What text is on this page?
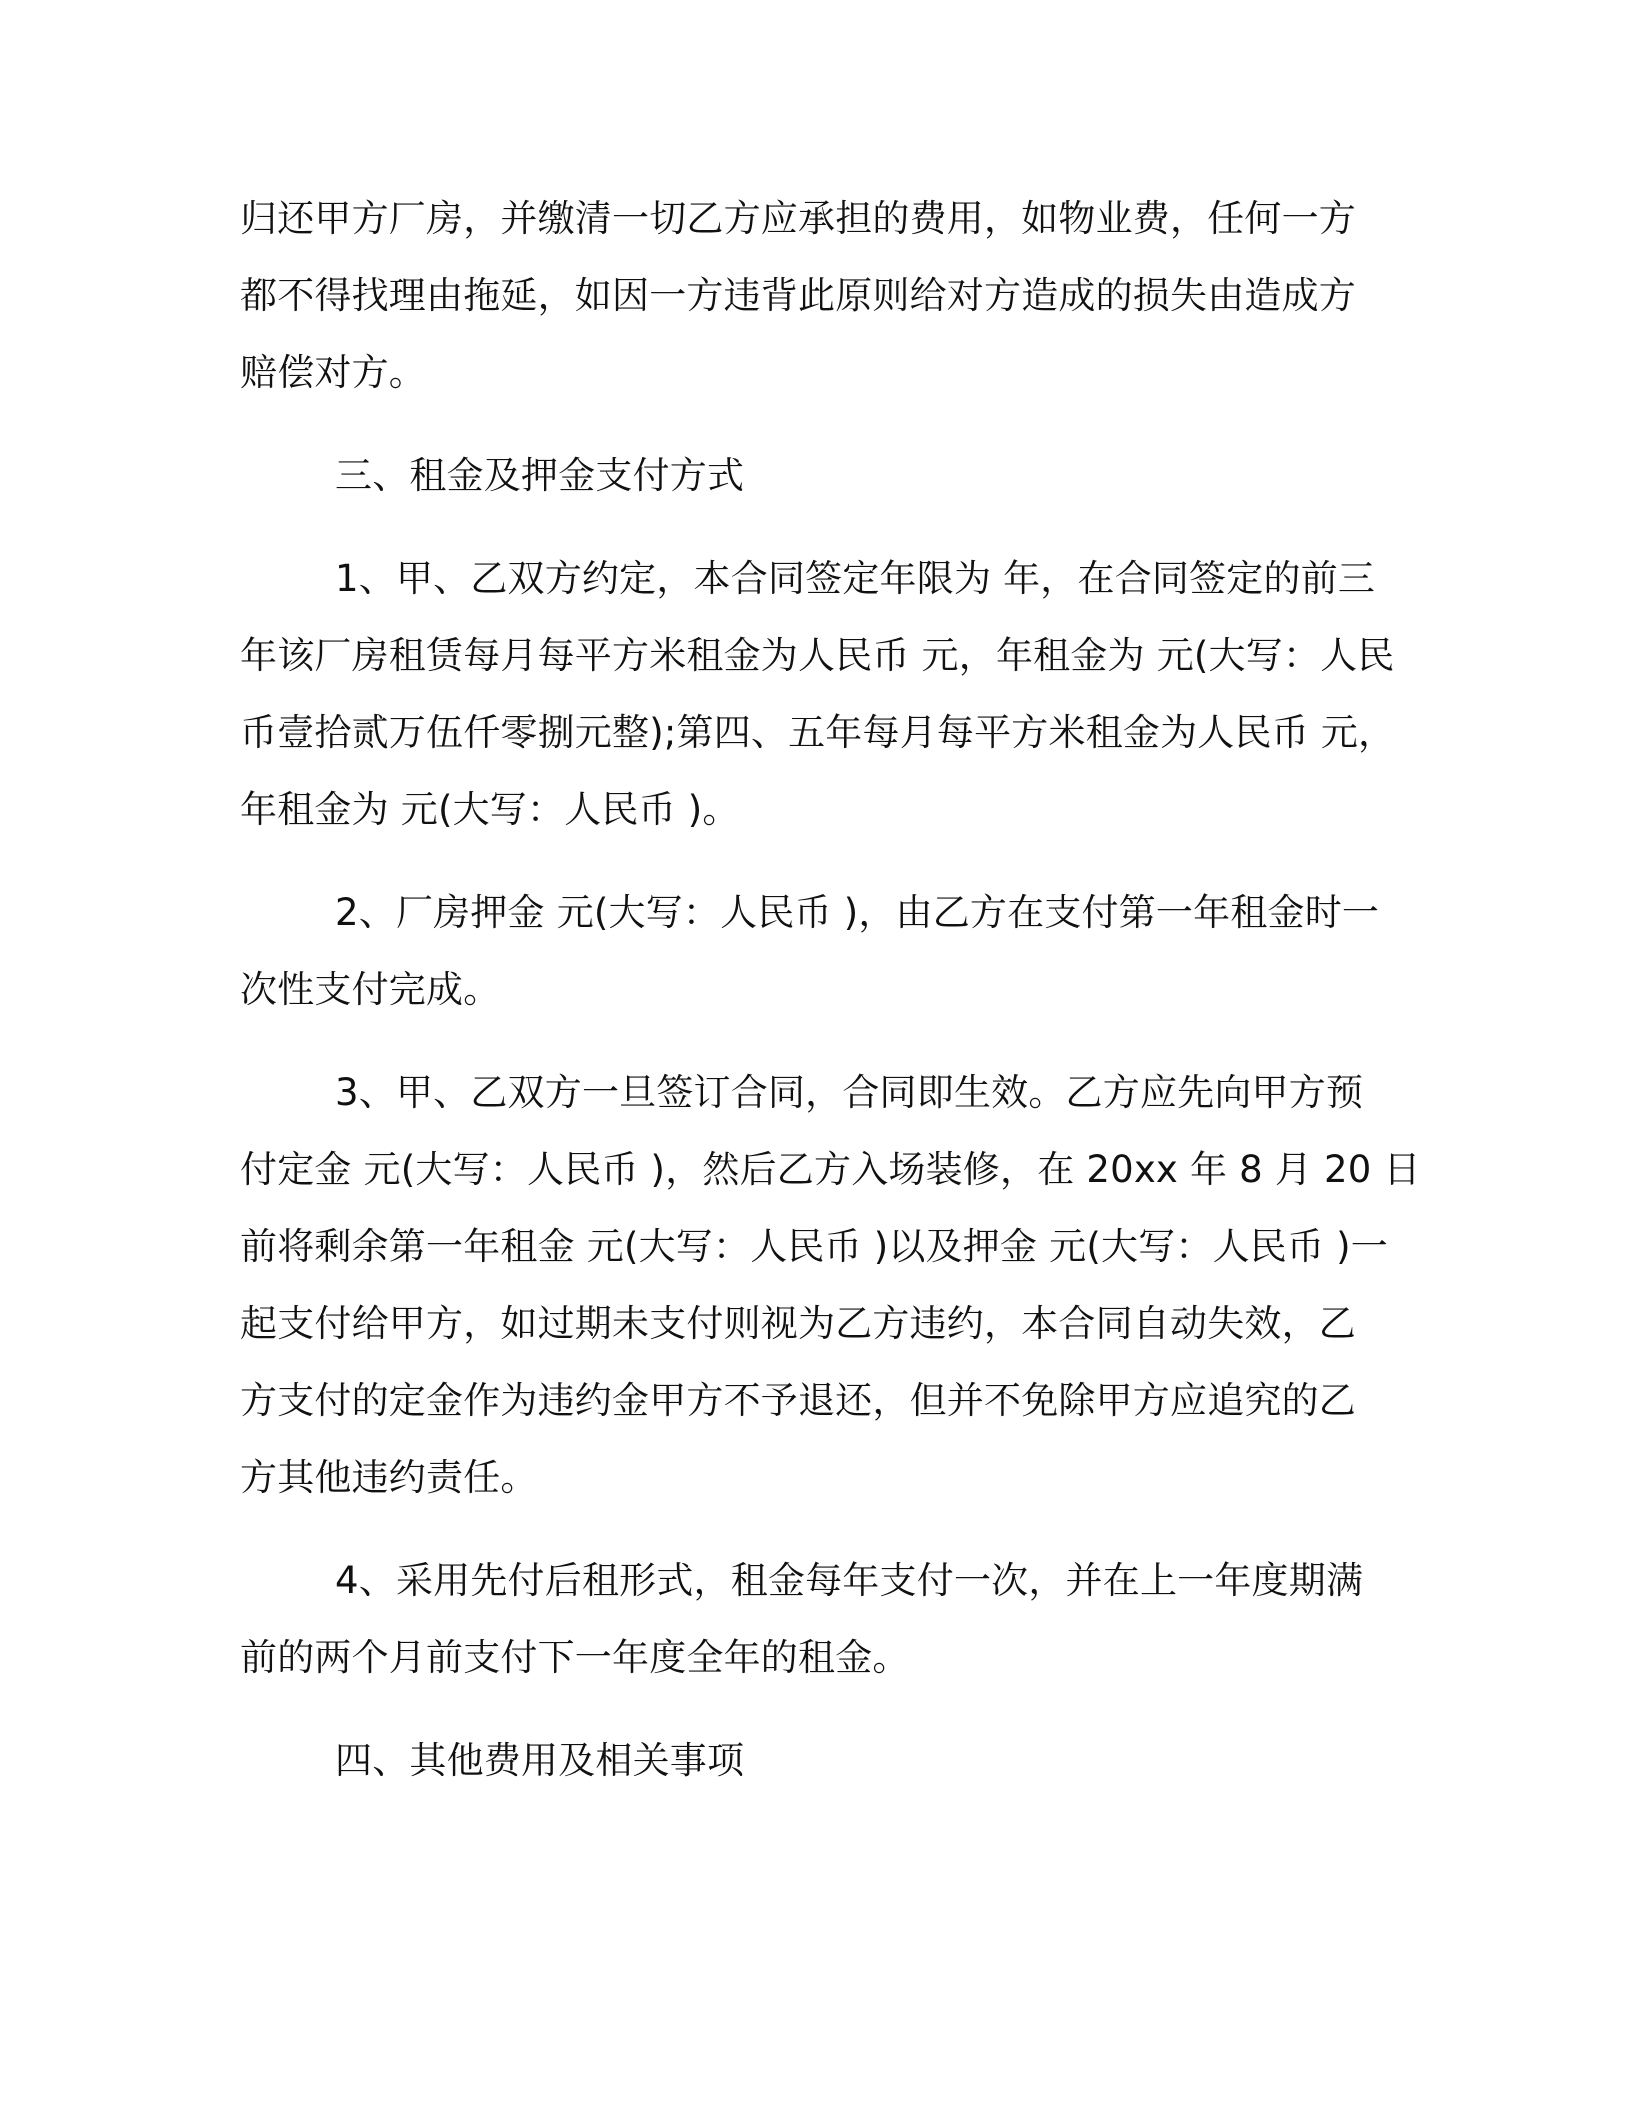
归还甲方厂房，并缴清一切乙方应承担的费用，如物业费，任何一方
都不得找理由拖延，如因一方违背此原则给对方造成的损失由造成方
赔偿对方。
三、租金及押金支付方式
1、甲、乙双方约定，本合同签定年限为 年，在合同签定的前三
年该厂房租赁每月每平方米租金为人民币 元，年租金为 元(大写：人民
币壹拾贰万伍仟零捌元整);第四、五年每月每平方米租金为人民币 元，
年租金为 元(大写：人民币 )。
2、厂房押金 元(大写：人民币 )，由乙方在支付第一年租金时一
次性支付完成。
3、甲、乙双方一旦签订合同，合同即生效。乙方应先向甲方预
付定金 元(大写：人民币 )，然后乙方入场装修，在 20xx 年 8 月 20 日
前将剩余第一年租金 元(大写：人民币 )以及押金 元(大写：人民币 )一
起支付给甲方，如过期未支付则视为乙方违约，本合同自动失效，乙
方支付的定金作为违约金甲方不予退还，但并不免除甲方应追究的乙
方其他违约责任。
4、采用先付后租形式，租金每年支付一次，并在上一年度期满
前的两个月前支付下一年度全年的租金。
四、其他费用及相关事项
